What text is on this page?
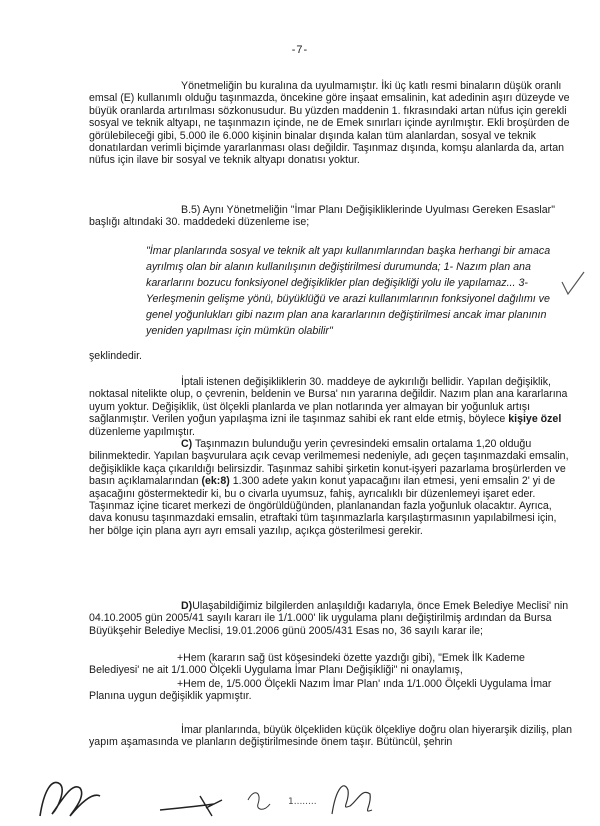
-7-

Yönetmeliğin bu kuralına da uyulmamıştır. İki üç katlı resmi binaların düşük oranlı emsal (E) kullanımlı olduğu taşınmazda, öncekine göre inşaat emsalinin, kat adedinin aşırı düzeyde ve büyük oranlarda artırılması sözkonusudur. Bu yüzden maddenin 1. fıkrasındaki artan nüfus için gerekli sosyal ve teknik altyapı, ne taşınmazın içinde, ne de Emek sınırları içinde ayrılmıştır. Ekli broşürden de görülebileceği gibi, 5.000 ile 6.000 kişinin binalar dışında kalan tüm alanlardan, sosyal ve teknik donatılardan verimli biçimde yararlanması olası değildir. Taşınmaz dışında, komşu alanlarda da, artan nüfus için ilave bir sosyal ve teknik altyapı donatısı yoktur.

B.5) Aynı Yönetmeliğin "İmar Planı Değişikliklerinde Uyulması Gereken Esaslar" başlığı altındaki 30. maddedeki düzenleme ise;

"İmar planlarında sosyal ve teknik alt yapı kullanımlarından başka herhangi bir amaca ayrılmış olan bir alanın kullanılışının değiştirilmesi durumunda; 1- Nazım plan ana kararlarını bozucu fonksiyonel değişiklikler plan değişikliği yolu ile yapılamaz... 3- Yerleşmenin gelişme yönü, büyüklüğü ve arazi kullanımlarının fonksiyonel dağılımı ve genel yoğunlukları gibi nazım plan ana kararlarının değiştirilmesi ancak imar planının yeniden yapılması için mümkün olabilir"

şeklindedir.

İptali istenen değişikliklerin 30. maddeye de aykırılığı bellidir. Yapılan değişiklik, noktasal nitelikte olup, o çevrenin, beldenin ve Bursa' nın yararına değildir. Nazım plan ana kararlarına uyum yoktur. Değişiklik, üst ölçekli planlarda ve plan notlarında yer almayan bir yoğunluk artışı sağlanmıştır. Verilen yoğun yapılaşma izni ile taşınmaz sahibi ek rant elde etmiş, böylece kişiye özel düzenleme yapılmıştır.

C) Taşınmazın bulunduğu yerin çevresindeki emsalin ortalama 1,20 olduğu bilinmektedir. Yapılan başvurulara açık cevap verilmemesi nedeniyle, adı geçen taşınmazdaki emsalin, değişiklikle kaça çıkarıldığı belirsizdir. Taşınmaz sahibi şirketin konut-işyeri pazarlama broşürlerden ve basın açıklamalarından (ek:8) 1.300 adete yakın konut yapacağını ilan etmesi, yeni emsalin 2' yi de aşacağını göstermektedir ki, bu o civarla uyumsuz, fahiş, ayrıcalıklı bir düzenlemeyi işaret eder. Taşınmaz içine ticaret merkezi de öngörüldüğünden, planlanandan fazla yoğunluk olacaktır. Ayrıca, dava konusu taşınmazdaki emsalin, etraftaki tüm taşınmazlarla karşılaştırmasının yapılabilmesi için, her bölge için plana ayrı ayrı emsali yazılıp, açıkça gösterilmesi gerekir.

D)Ulaşabildiğimiz bilgilerden anlaşıldığı kadarıyla, önce Emek Belediye Meclisi' nin 04.10.2005 gün 2005/41 sayılı kararı ile 1/1.000' lik uygulama planı değiştirilmiş ardından da Bursa Büyükşehir Belediye Meclisi, 19.01.2006 günü 2005/431 Esas no, 36 sayılı karar ile;

+Hem (kararın sağ üst köşesindeki özette yazdığı gibi), "Emek İlk Kademe Belediyesi' ne ait 1/1.000 Ölçekli Uygulama İmar Planı Değişikliği" ni onaylamış,

+Hem de, 1/5.000 Ölçekli Nazım İmar Plan' ında 1/1.000 Ölçekli Uygulama İmar Planına uygun değişiklik yapmıştır.

İmar planlarında, büyük ölçekliden küçük ölçekliye doğru olan hiyerarşik diziliş, plan yapım aşamasında ve planların değiştirilmesinde önem taşır. Bütüncül, şehrin

1........
